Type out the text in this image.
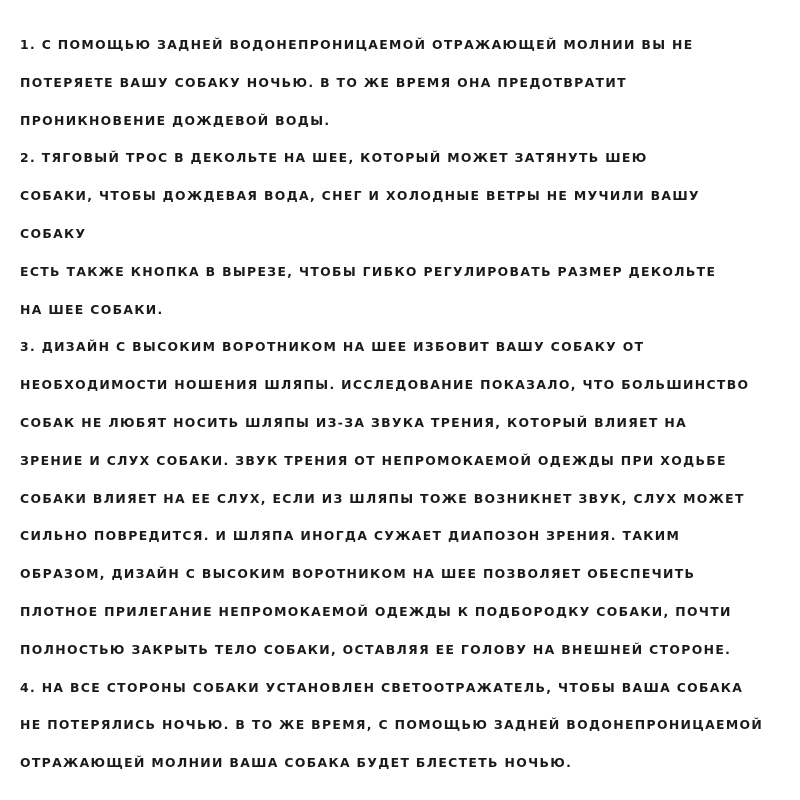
1. С ПОМОЩЬЮ ЗАДНЕЙ ВОДОНЕПРОНИЦАЕМОЙ ОТРАЖАЮЩЕЙ МОЛНИИ ВЫ НЕ
ПОТЕРЯЕТЕ ВАШУ СОБАКУ НОЧЬЮ. В ТО ЖЕ ВРЕМЯ ОНА ПРЕДОТВРАТИТ
ПРОНИКНОВЕНИЕ ДОЖДЕВОЙ ВОДЫ.
2. ТЯГОВЫЙ ТРОС В ДЕКОЛЬТЕ НА ШЕЕ, КОТОРЫЙ МОЖЕТ ЗАТЯНУТЬ ШЕЮ
СОБАКИ, ЧТОБЫ ДОЖДЕВАЯ ВОДА, СНЕГ И ХОЛОДНЫЕ ВЕТРЫ НЕ МУЧИЛИ ВАШУ
СОБАКУ
ЕСТЬ ТАКЖЕ КНОПКА В ВЫРЕЗЕ, ЧТОБЫ ГИБКО РЕГУЛИРОВАТЬ РАЗМЕР ДЕКОЛЬТЕ
НА ШЕЕ СОБАКИ.
3. ДИЗАЙН С ВЫСОКИМ ВОРОТНИКОМ НА ШЕЕ ИЗБОВИТ ВАШУ СОБАКУ ОТ
НЕОБХОДИМОСТИ НОШЕНИЯ ШЛЯПЫ. ИССЛЕДОВАНИЕ ПОКАЗАЛО, ЧТО БОЛЬШИНСТВО
СОБАК НЕ ЛЮБЯТ НОСИТЬ ШЛЯПЫ ИЗ-ЗА ЗВУКА ТРЕНИЯ, КОТОРЫЙ ВЛИЯЕТ НА
ЗРЕНИЕ И СЛУХ СОБАКИ. ЗВУК ТРЕНИЯ ОТ НЕПРОМОКАЕМОЙ ОДЕЖДЫ ПРИ ХОДЬБЕ
СОБАКИ ВЛИЯЕТ НА ЕЕ СЛУХ, ЕСЛИ ИЗ ШЛЯПЫ ТОЖЕ ВОЗНИКНЕТ ЗВУК, СЛУХ МОЖЕТ
СИЛЬНО ПОВРЕДИТСЯ. И ШЛЯПА ИНОГДА СУЖАЕТ ДИАПОЗОН ЗРЕНИЯ. ТАКИМ
ОБРАЗОМ, ДИЗАЙН С ВЫСОКИМ ВОРОТНИКОМ НА ШЕЕ ПОЗВОЛЯЕТ ОБЕСПЕЧИТЬ
ПЛОТНОЕ ПРИЛЕГАНИЕ НЕПРОМОКАЕМОЙ ОДЕЖДЫ К ПОДБОРОДКУ СОБАКИ, ПОЧТИ
ПОЛНОСТЬЮ ЗАКРЫТЬ ТЕЛО СОБАКИ, ОСТАВЛЯЯ ЕЕ ГОЛОВУ НА ВНЕШНЕЙ СТОРОНЕ.
4. НА ВСЕ СТОРОНЫ СОБАКИ УСТАНОВЛЕН СВЕТООТРАЖАТЕЛЬ, ЧТОБЫ ВАША СОБАКА
НЕ ПОТЕРЯЛИСЬ НОЧЬЮ. В ТО ЖЕ ВРЕМЯ, С ПОМОЩЬЮ ЗАДНЕЙ ВОДОНЕПРОНИЦАЕМОЙ
ОТРАЖАЮЩЕЙ МОЛНИИ ВАША СОБАКА БУДЕТ БЛЕСТЕТЬ НОЧЬЮ.
